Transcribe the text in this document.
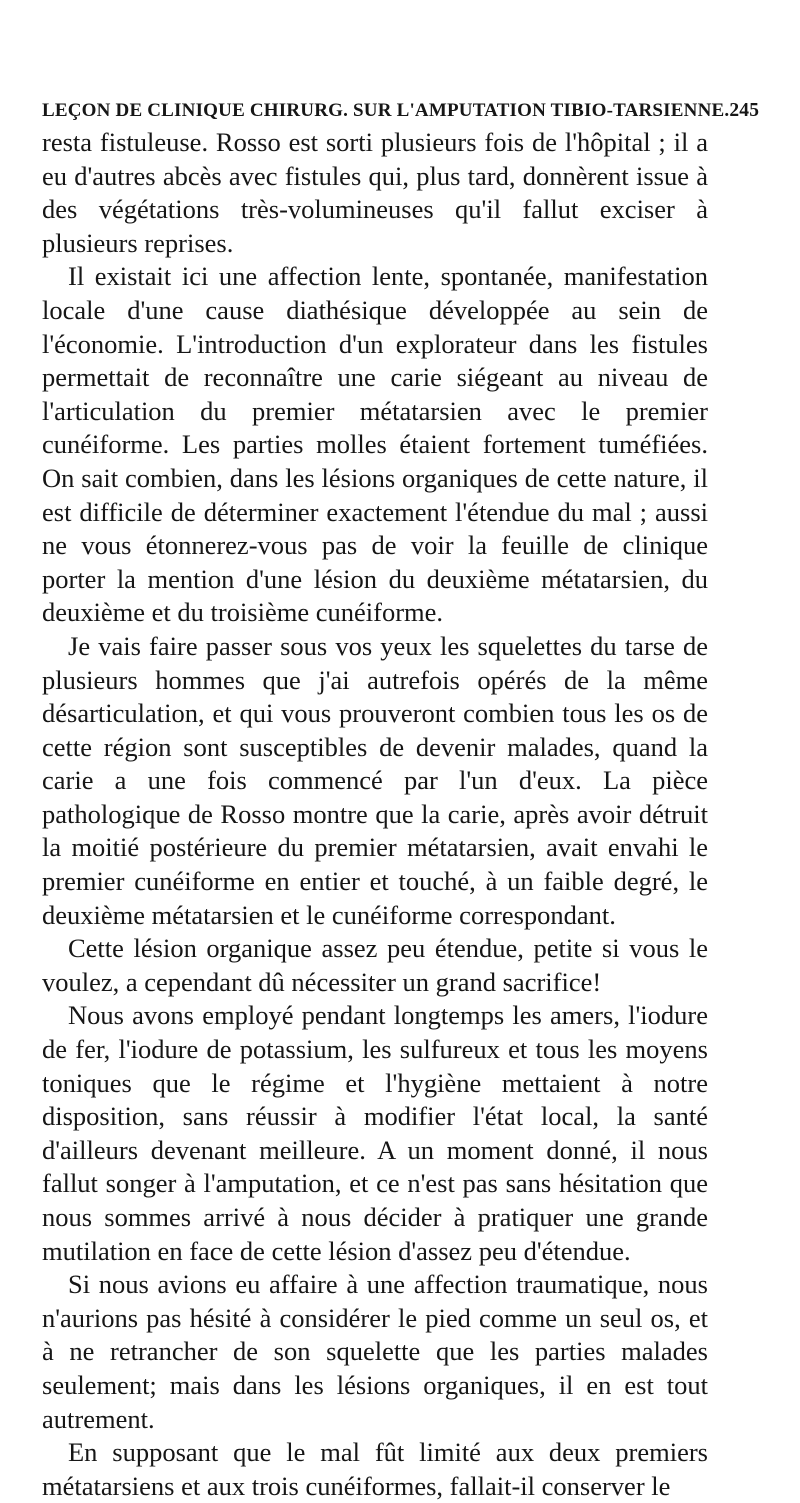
LEÇON DE CLINIQUE CHIRURG. SUR L'AMPUTATION TIBIO-TARSIENNE. 245

resta fistuleuse. Rosso est sorti plusieurs fois de l'hôpital ; il a eu d'autres abcès avec fistules qui, plus tard, donnèrent issue à des végétations très-volumineuses qu'il fallut exciser à plusieurs reprises.

Il existait ici une affection lente, spontanée, manifestation locale d'une cause diathésique développée au sein de l'économie. L'introduction d'un explorateur dans les fistules permettait de reconnaître une carie siégeant au niveau de l'articulation du premier métatarsien avec le premier cunéiforme. Les parties molles étaient fortement tuméfiées. On sait combien, dans les lésions organiques de cette nature, il est difficile de déterminer exactement l'étendue du mal ; aussi ne vous étonnerez-vous pas de voir la feuille de clinique porter la mention d'une lésion du deuxième métatarsien, du deuxième et du troisième cunéiforme.

Je vais faire passer sous vos yeux les squelettes du tarse de plusieurs hommes que j'ai autrefois opérés de la même désarticulation, et qui vous prouveront combien tous les os de cette région sont susceptibles de devenir malades, quand la carie a une fois commencé par l'un d'eux. La pièce pathologique de Rosso montre que la carie, après avoir détruit la moitié postérieure du premier métatarsien, avait envahi le premier cunéiforme en entier et touché, à un faible degré, le deuxième métatarsien et le cunéiforme correspondant.

Cette lésion organique assez peu étendue, petite si vous le voulez, a cependant dû nécessiter un grand sacrifice!

Nous avons employé pendant longtemps les amers, l'iodure de fer, l'iodure de potassium, les sulfureux et tous les moyens toniques que le régime et l'hygiène mettaient à notre disposition, sans réussir à modifier l'état local, la santé d'ailleurs devenant meilleure. A un moment donné, il nous fallut songer à l'amputation, et ce n'est pas sans hésitation que nous sommes arrivé à nous décider à pratiquer une grande mutilation en face de cette lésion d'assez peu d'étendue.

Si nous avions eu affaire à une affection traumatique, nous n'aurions pas hésité à considérer le pied comme un seul os, et à ne retrancher de son squelette que les parties malades seulement; mais dans les lésions organiques, il en est tout autrement.

En supposant que le mal fût limité aux deux premiers métatarsiens et aux trois cunéiformes, fallait-il conserver le
